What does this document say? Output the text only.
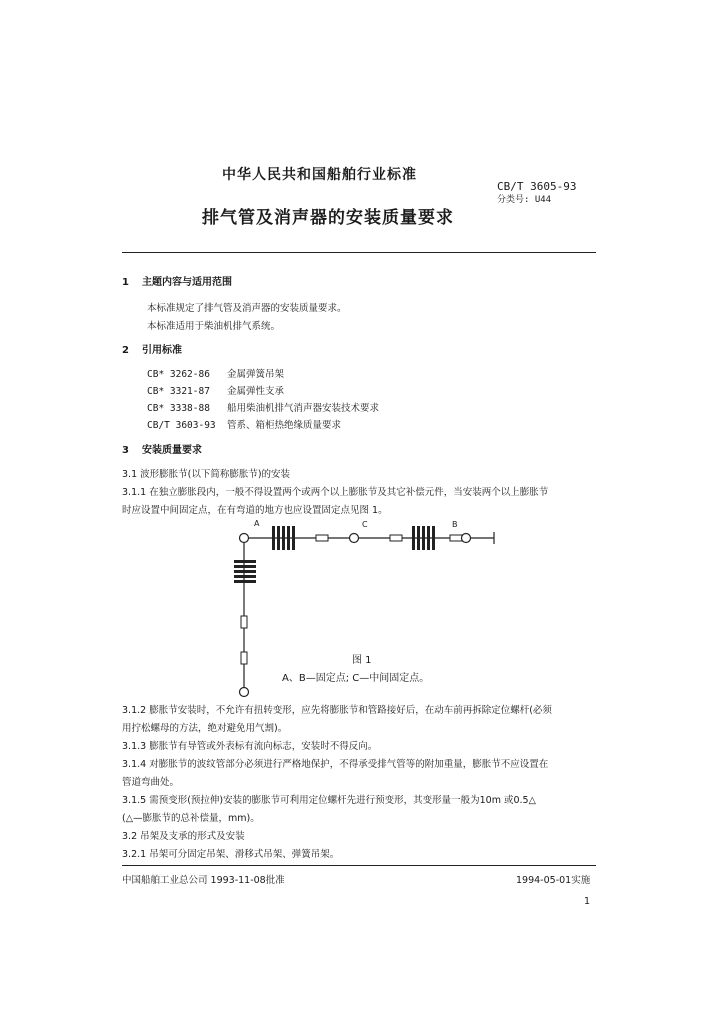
中华人民共和国船舶行业标准
CB/T 3605-93
分类号: U44
排气管及消声器的安装质量要求
1 主题内容与适用范围
本标准规定了排气管及消声器的安装质量要求。
本标准适用于柴油机排气系统。
2 引用标准
CB* 3262-86 金属弹簧吊架
CB* 3321-87 金属弹性支承
CB* 3338-88 船用柴油机排气消声器安装技术要求
CB/T 3603-93 管系、箱柜热绝缘质量要求
3 安装质量要求
3.1 波形膨胀节(以下简称膨胀节)的安装
3.1.1 在独立膨胀段内，一般不得设置两个或两个以上膨胀节及其它补偿元件，当安装两个以上膨胀节
时应设置中间固定点，在有弯道的地方也应设置固定点见图 1。
A	C	B
图 1
A、B—固定点; C—中间固定点。
3.1.2 膨胀节安装时，不允许有扭转变形，应先将膨胀节和管路接好后，在动车前再拆除定位螺杆(必须
用拧松螺母的方法，绝对避免用气割)。
3.1.3 膨胀节有导管或外表标有流向标志，安装时不得反向。
3.1.4 对膨胀节的波纹管部分必须进行严格地保护，不得承受排气管等的附加重量，膨胀节不应设置在
管道弯曲处。
3.1.5 需预变形(预拉伸)安装的膨胀节可利用定位螺杆先进行预变形，其变形量一般为10m 或0.5△
(△—膨胀节的总补偿量，mm)。
3.2 吊架及支承的形式及安装
3.2.1 吊架可分固定吊架、滑移式吊架、弹簧吊架。
中国船舶工业总公司 1993-11-08批准	1994-05-01实施
1
